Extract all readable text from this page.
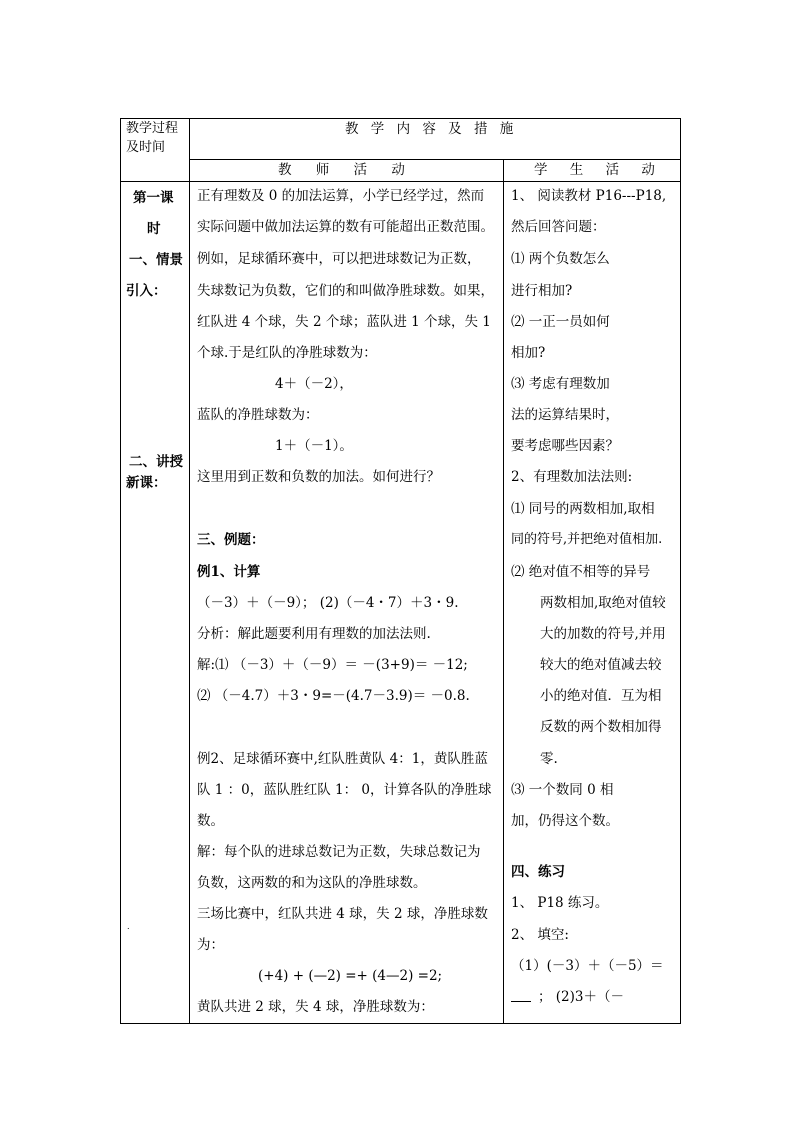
教学过程
及时间
教 学 内 容 及 措 施
教 师 活 动	学 生 活 动
第一课
时
一、情景
引入：
二、讲授
新课：
.
正有理数及 0 的加法运算，小学已经学过，然而
实际问题中做加法运算的数有可能超出正数范围。
例如，足球循环赛中，可以把进球数记为正数，
失球数记为负数，它们的和叫做净胜球数。如果，
红队进 4 个球，失 2 个球；蓝队进 1 个球，失 1
个球.于是红队的净胜球数为：
4＋（－2），
蓝队的净胜球数为：
1＋（－1）。
这里用到正数和负数的加法。如何进行？
三、例题：
例1、计算
（－3）＋（－9）； (2)（－4・7）＋3・9.
分析：解此题要利用有理数的加法法则.
解:⑴ （－3）＋（－9）＝ －(3+9)＝ －12;
⑵ （－4.7）＋3・9=－(4.7－3.9)＝ －0.8.
例2、足球循环赛中,红队胜黄队 4：1，黄队胜蓝
队 1 ：0，蓝队胜红队 1： 0，计算各队的净胜球
数。
解：每个队的进球总数记为正数，失球总数记为
负数，这两数的和为这队的净胜球数。
三场比赛中，红队共进 4 球，失 2 球，净胜球数
为：
(+4) + (—2) =+ (4—2) =2;
黄队共进 2 球，失 4 球，净胜球数为：
1、 阅读教材 P16---P18,
然后回答问题：
⑴ 两个负数怎么
进行相加?
⑵ 一正一员如何
相加?
⑶ 考虑有理数加
法的运算结果时，
要考虑哪些因素？
2、有理数加法法则:
⑴ 同号的两数相加,取相
同的符号,并把绝对值相加.
⑵ 绝对值不相等的异号
两数相加,取绝对值较
大的加数的符号,并用
较大的绝对值减去较
小的绝对值．互为相
反数的两个数相加得
零.
⑶ 一个数同 0 相
加，仍得这个数。
四、练习
1、 P18 练习。
2、 填空:
（1）(－3）＋（－5）＝
； (2)3＋（－
